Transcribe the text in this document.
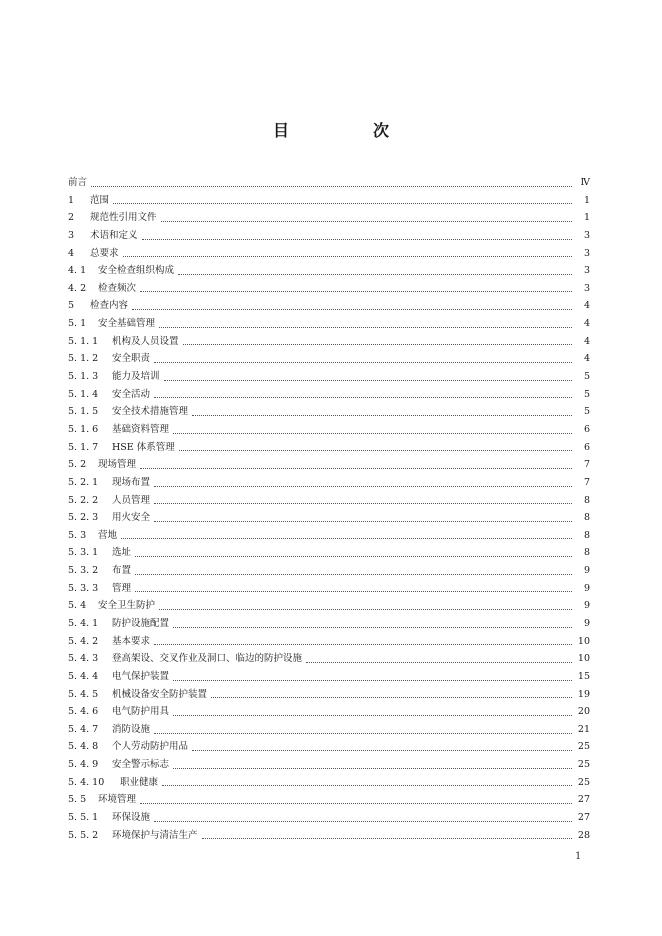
目　次
前言	Ⅳ
1	范围	1
2	规范性引用文件	1
3	术语和定义	3
4	总要求	3
4. 1	安全检查组织构成	3
4. 2	检查频次	3
5	检查内容	4
5. 1	安全基础管理	4
5. 1. 1	机构及人员设置	4
5. 1. 2	安全职责	4
5. 1. 3	能力及培训	5
5. 1. 4	安全活动	5
5. 1. 5	安全技术措施管理	5
5. 1. 6	基础资料管理	6
5. 1. 7	HSE 体系管理	6
5. 2	现场管理	7
5. 2. 1	现场布置	7
5. 2. 2	人员管理	8
5. 2. 3	用火安全	8
5. 3	营地	8
5. 3. 1	选址	8
5. 3. 2	布置	9
5. 3. 3	管理	9
5. 4	安全卫生防护	9
5. 4. 1	防护设施配置	9
5. 4. 2	基本要求	10
5. 4. 3	登高架设、交叉作业及洞口、临边的防护设施	10
5. 4. 4	电气保护装置	15
5. 4. 5	机械设备安全防护装置	19
5. 4. 6	电气防护用具	20
5. 4. 7	消防设施	21
5. 4. 8	个人劳动防护用品	25
5. 4. 9	安全警示标志	25
5. 4. 10	职业健康	25
5. 5	环境管理	27
5. 5. 1	环保设施	27
5. 5. 2	环境保护与清洁生产	28
1
